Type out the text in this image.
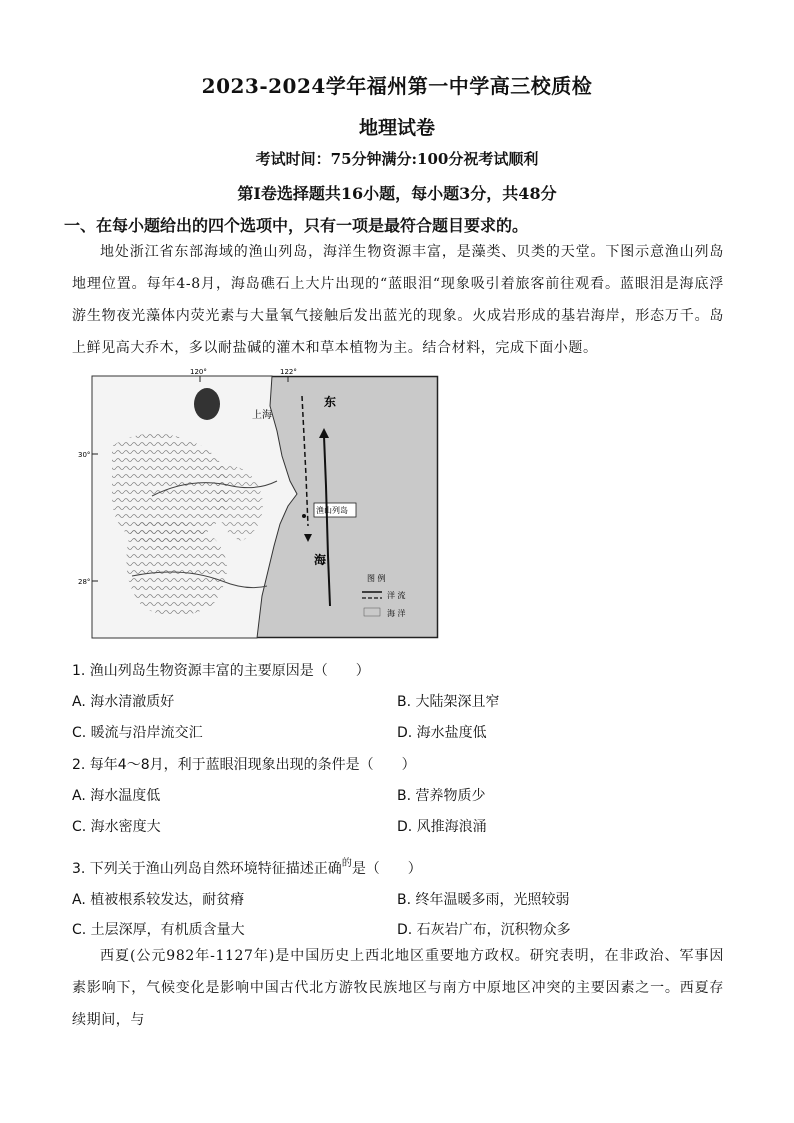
2023-2024学年福州第一中学高三校质检
地理试卷
考试时间：75分钟满分:100分祝考试顺利
第Ⅰ卷选择题共16小题，每小题3分，共48分
一、在每小题给出的四个选项中，只有一项是最符合题目要求的。
地处浙江省东部海域的渔山列岛，海洋生物资源丰富，是藻类、贝类的天堂。下图示意渔山列岛地理位置。每年4-8月，海岛礁石上大片出现的“蓝眼泪“现象吸引着旅客前往观看。蓝眼泪是海底浮游生物夜光藻体内荧光素与大量氧气接触后发出蓝光的现象。火成岩形成的基岩海岸，形态万千。岛上鲜见高大乔木，多以耐盐碱的灌木和草本植物为主。结合材料，完成下面小题。
120°	122°
30°
28°
上海
东
海
渔山列岛
图 例
洋 流
海 洋
1. 渔山列岛生物资源丰富的主要原因是（　　）
A. 海水清澈质好	B. 大陆架深且窄
C. 暖流与沿岸流交汇	D. 海水盐度低
2. 每年4～8月，利于蓝眼泪现象出现的条件是（　　）
A. 海水温度低	B. 营养物质少
C. 海水密度大	D. 风推海浪涌
3. 下列关于渔山列岛自然环境特征描述正确$^的$是（　　）
A. 植被根系较发达，耐贫瘠	B. 终年温暖多雨，光照较弱
C. 土层深厚，有机质含量大	D. 石灰岩广布，沉积物众多
西夏(公元982年-1127年)是中国历史上西北地区重要地方政权。研究表明，在非政治、军事因素影响下，气候变化是影响中国古代北方游牧民族地区与南方中原地区冲突的主要因素之一。西夏存续期间，与
